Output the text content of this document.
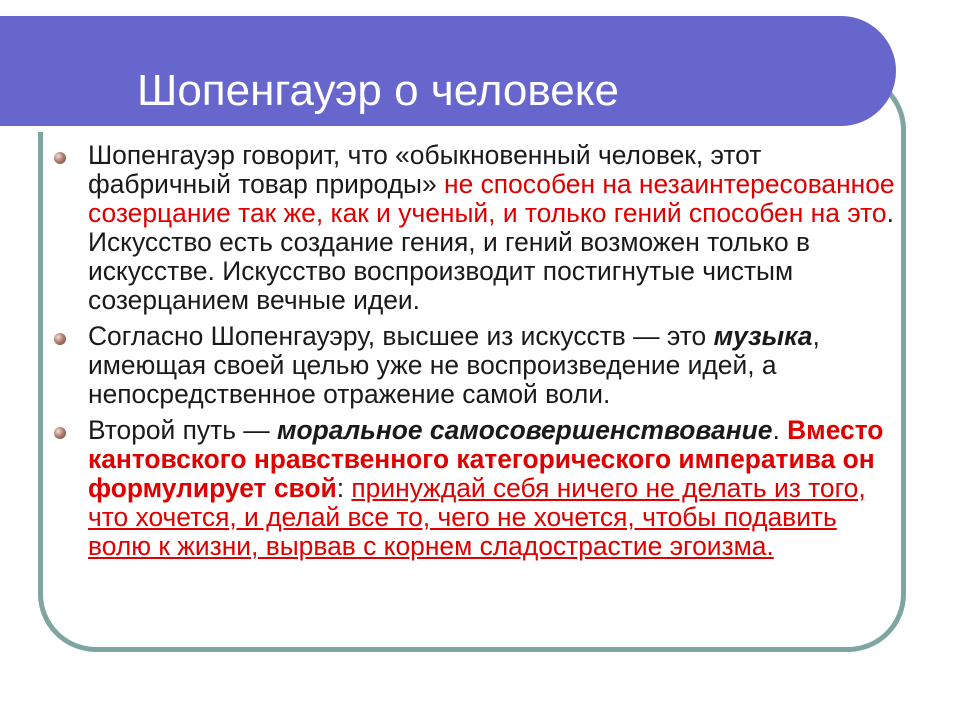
Шопенгауэр о человеке
Шопенгауэр говорит, что «обыкновенный человек, этот фабричный товар природы» не способен на незаинтересованное созерцание так же, как и ученый, и только гений способен на это. Искусство есть создание гения, и гений возможен только в искусстве. Искусство воспроизводит постигнутые чистым созерцанием вечные идеи.
Согласно Шопенгауэру, высшее из искусств — это музыка, имеющая своей целью уже не воспроизведение идей, а непосредственное отражение самой воли.
Второй путь — моральное самосовершенствование. Вместо кантовского нравственного категорического императива он формулирует свой: принуждай себя ничего не делать из того, что хочется, и делай все то, чего не хочется, чтобы подавить волю к жизни, вырвав с корнем сладострастие эгоизма.
